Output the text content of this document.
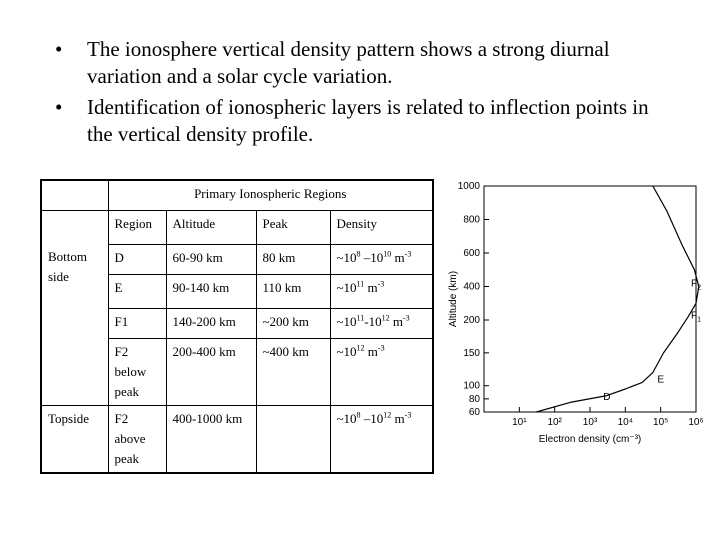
•	The ionosphere vertical density pattern shows a strong diurnal variation and a solar cycle variation.
•	Identification of ionospheric layers is related to inflection points in the vertical density profile.
	Primary Ionospheric Regions			
	Region	Altitude	Peak	Density
Bottom side	D	60-90 km	80 km	$\sim 10^8$ $-10^{10}$ $m^{-3}$
	E	90-140 km	110 km	$\sim 10^{11}$ $m^{-3}$
	F1	140-200 km	~200 km	$\sim 10^{11}-10^{12}$ $m^{-3}$
	F2 below peak	200-400 km	~400 km	$\sim 10^{12}$ $m^{-3}$
Topside	F2 above peak	400-1000 km		$\sim 10^8$ $-10^{12}$ $m^{-3}$	60
80
100
150
200
400
600
800
1000
10¹ 10² 10³ 10⁴ 10⁵ 10⁶
Electron density (cm⁻³)
Altitude (km)
D
E
$F_1$
$F_2$
